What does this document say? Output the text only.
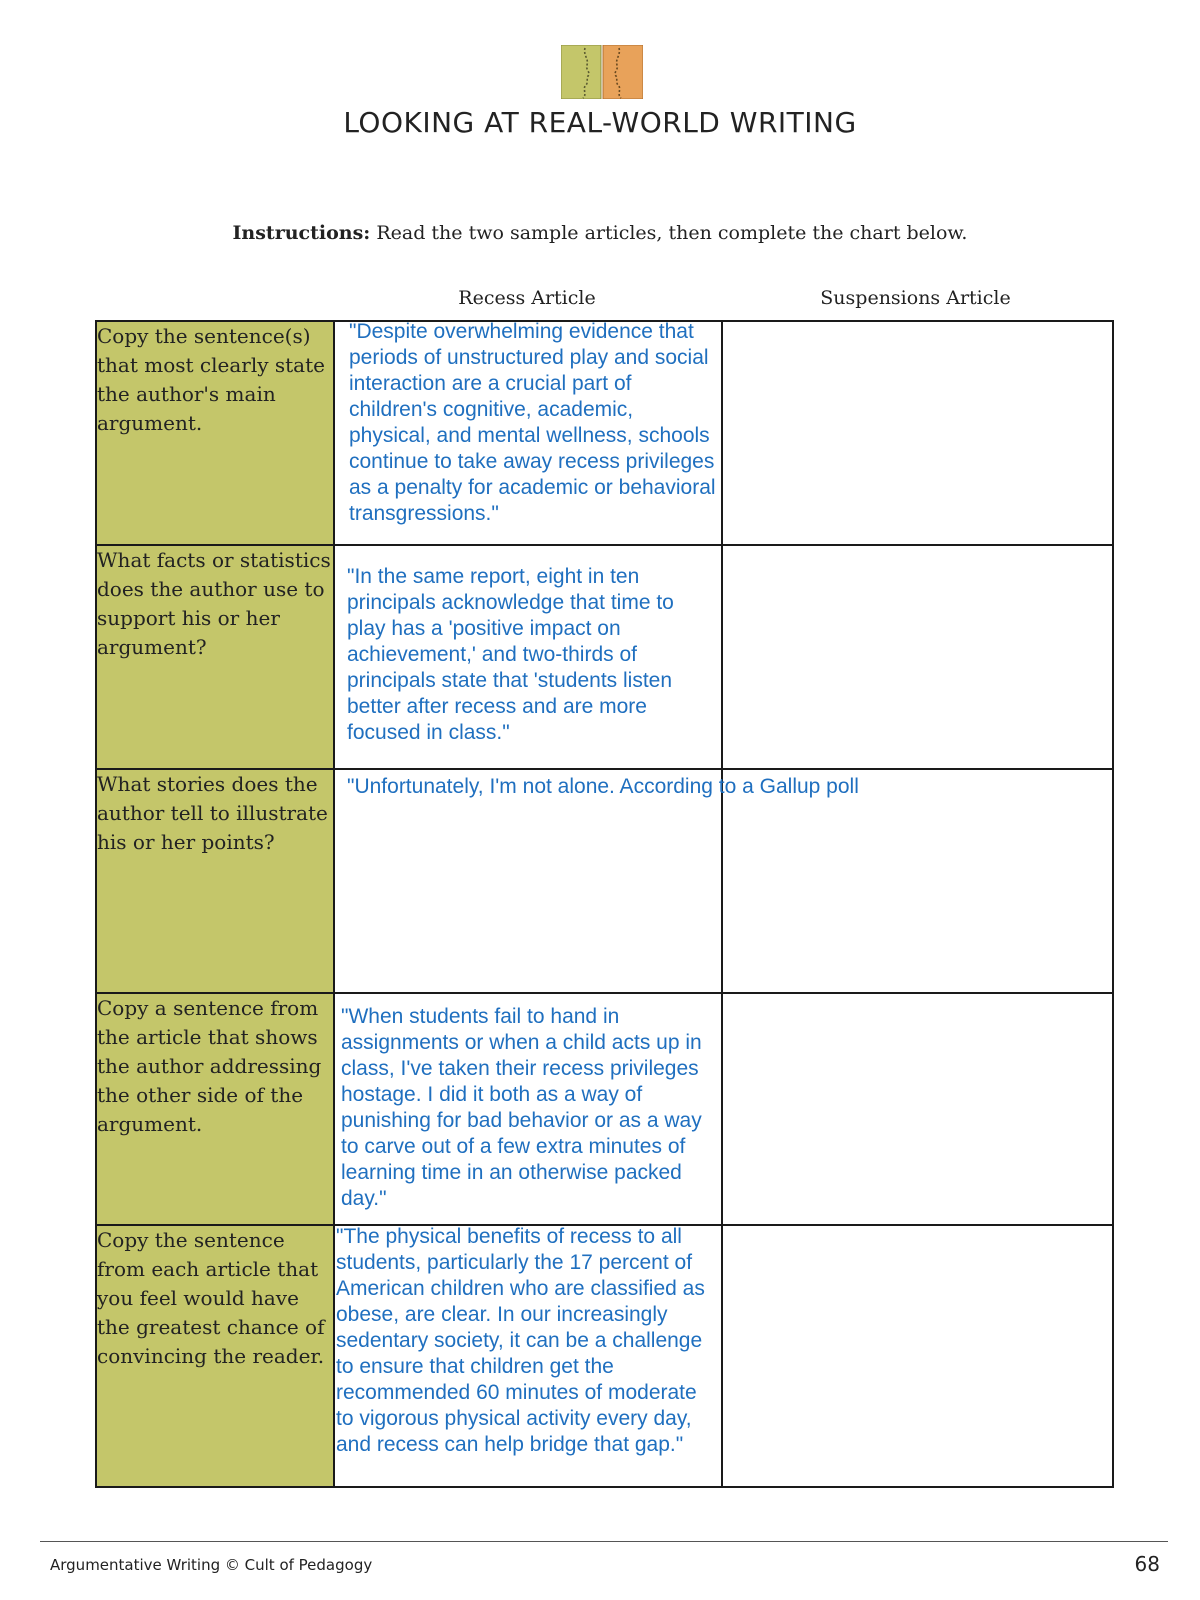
LOOKING AT REAL-WORLD WRITING
Instructions: Read the two sample articles, then complete the chart below.
Recess Article	Suspensions Article
Copy the sentence(s) that most clearly state the author's main argument.	"Despite overwhelming evidence that periods of unstructured play and social interaction are a crucial part of children's cognitive, academic, physical, and mental wellness, schools continue to take away recess privileges as a penalty for academic or behavioral transgressions."	

What facts or statistics does the author use to support his or her argument?	"In the same report, eight in ten principals acknowledge that time to play has a 'positive impact on achievement,' and two-thirds of principals state that 'students listen better after recess and are more focused in class."	

What stories does the author tell to illustrate his or her points?	"Unfortunately, I'm not alone. According to a Gallup poll	

Copy a sentence from the article that shows the author addressing the other side of the argument.	"When students fail to hand in assignments or when a child acts up in class, I've taken their recess privileges hostage. I did it both as a way of punishing for bad behavior or as a way to carve out of a few extra minutes of learning time in an otherwise packed day."	

Copy the sentence from each article that you feel would have the greatest chance of convincing the reader.	"The physical benefits of recess to all students, particularly the 17 percent of American children who are classified as obese, are clear. In our increasingly sedentary society, it can be a challenge to ensure that children get the recommended 60 minutes of moderate to vigorous physical activity every day, and recess can help bridge that gap."	

Argumentative Writing © Cult of Pedagogy	68
